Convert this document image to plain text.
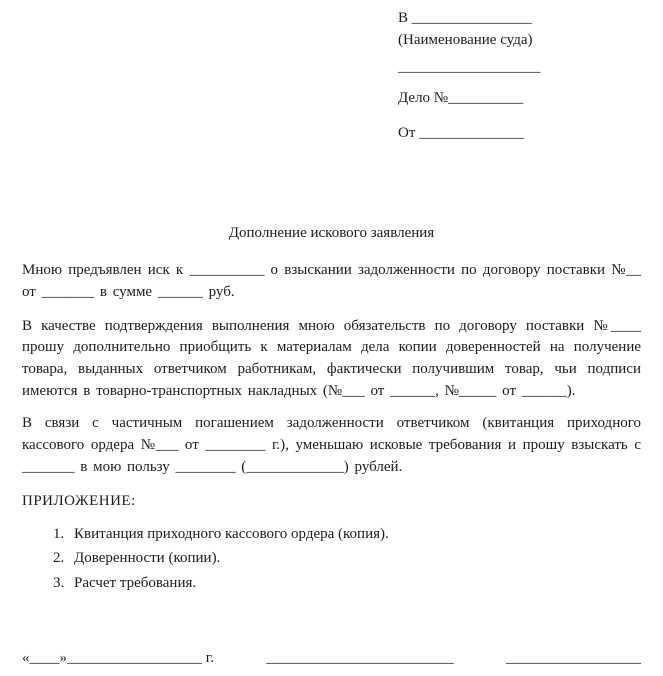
В ________________
(Наименование суда)
___________________
Дело №__________
От ______________
Дополнение искового заявления

Мною предъявлен иск к __________ о взыскании задолженности по договору поставки №__ от _______ в сумме ______ руб.

В качестве подтверждения выполнения мною обязательств по договору поставки №____ прошу дополнительно приобщить к материалам дела копии доверенностей на получение товара, выданных ответчиком работникам, фактически получившим товар, чьи подписи имеются в товарно-транспортных накладных (№___ от ______, №_____ от ______).

В связи с частичным погашением задолженности ответчиком (квитанция приходного кассового ордера №___ от ________ г.), уменьшаю исковые требования и прошу взыскать с _______ в мою пользу ________ (_____________) рублей.

ПРИЛОЖЕНИЕ:
1. Квитанция приходного кассового ордера (копия).
2. Доверенности (копии).
3. Расчет требования.
«____»__________________ г.	_________________________	__________________
